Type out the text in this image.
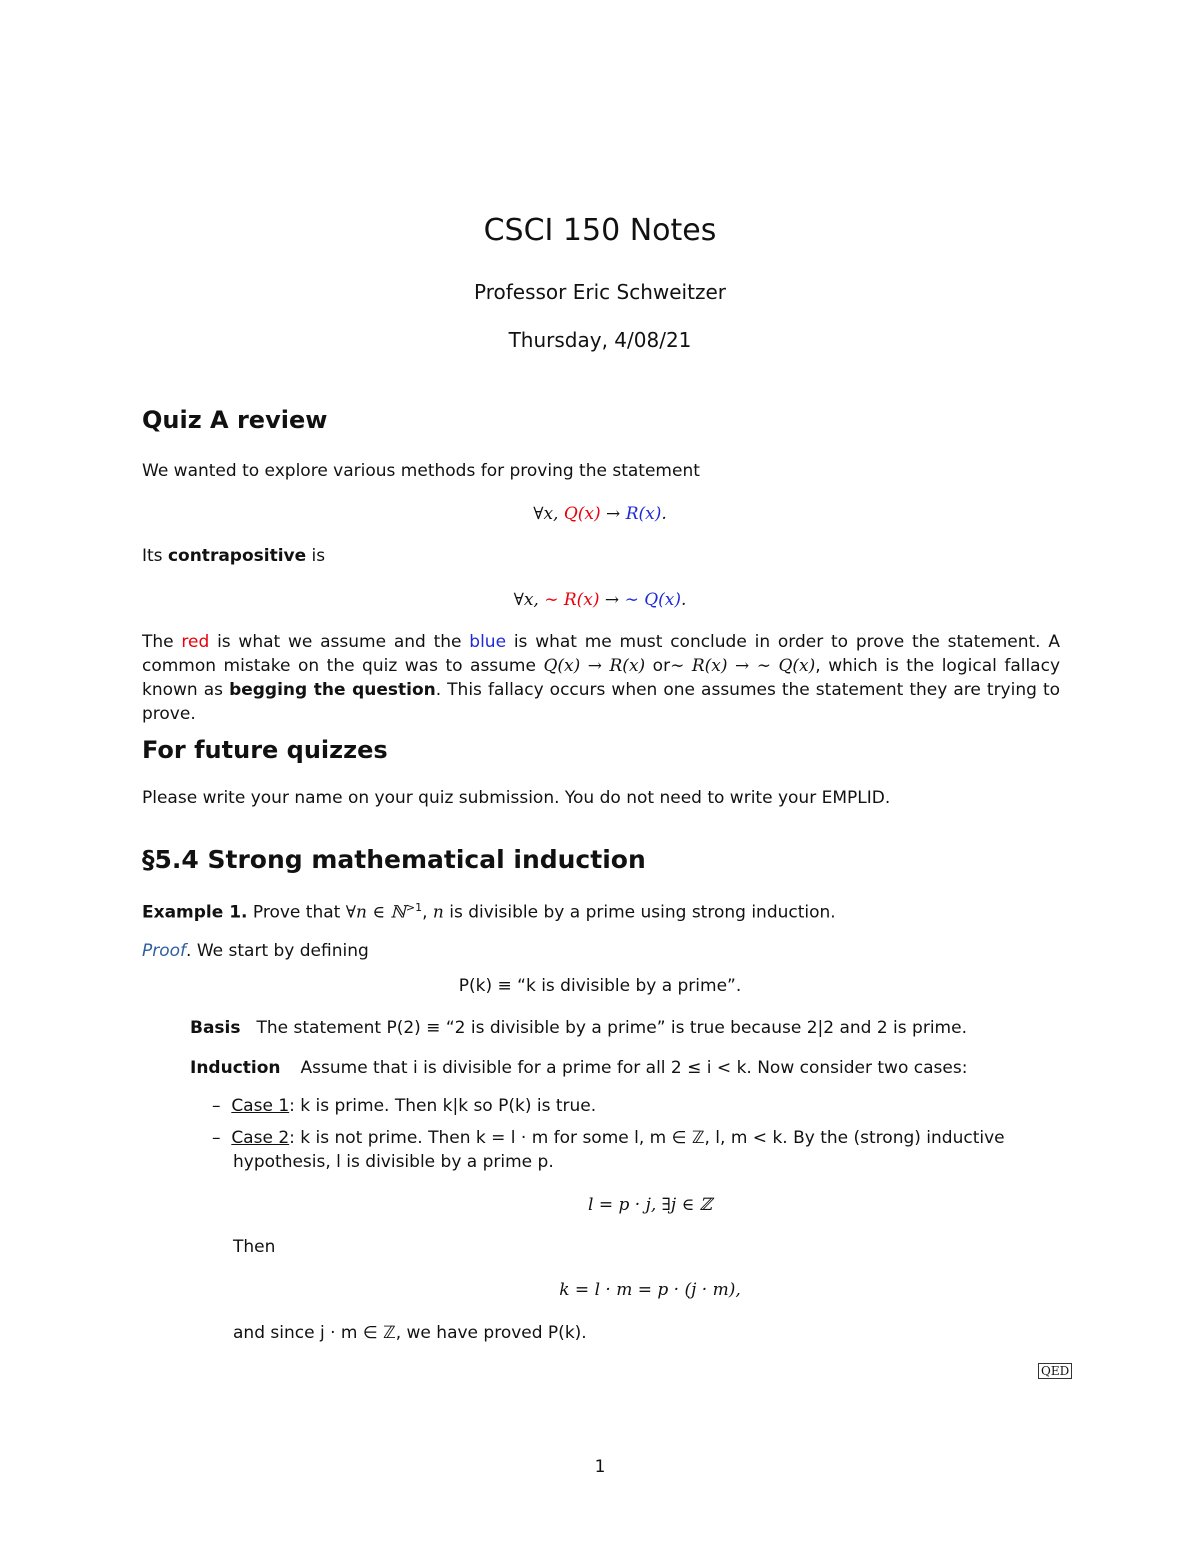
CSCI 150 Notes
Professor Eric Schweitzer
Thursday, 4/08/21
Quiz A review
We wanted to explore various methods for proving the statement
∀x, Q(x) → R(x).
Its contrapositive is
∀x, ∼ R(x) → ∼ Q(x).
The red is what we assume and the blue is what me must conclude in order to prove the statement. A common mistake on the quiz was to assume Q(x) → R(x) or∼ R(x) → ∼ Q(x), which is the logical fallacy known as begging the question. This fallacy occurs when one assumes the statement they are trying to prove.
For future quizzes
Please write your name on your quiz submission. You do not need to write your EMPLID.
§5.4 Strong mathematical induction
Example 1. Prove that ∀n ∈ ℕ$^{>1}$, n is divisible by a prime using strong induction.
Proof. We start by defining
P(k) ≡ “k is divisible by a prime”.
Basis The statement P(2) ≡ “2 is divisible by a prime” is true because 2|2 and 2 is prime.
Induction Assume that i is divisible for a prime for all 2 ≤ i < k. Now consider two cases:
–  Case 1: k is prime. Then k|k so P(k) is true.
–  Case 2: k is not prime. Then k = l · m for some l, m ∈ ℤ, l, m < k. By the (strong) inductive
hypothesis, l is divisible by a prime p.
l = p · j, ∃j ∈ ℤ
Then
k = l · m = p · (j · m),
and since j · m ∈ ℤ, we have proved P(k).
QED
1
